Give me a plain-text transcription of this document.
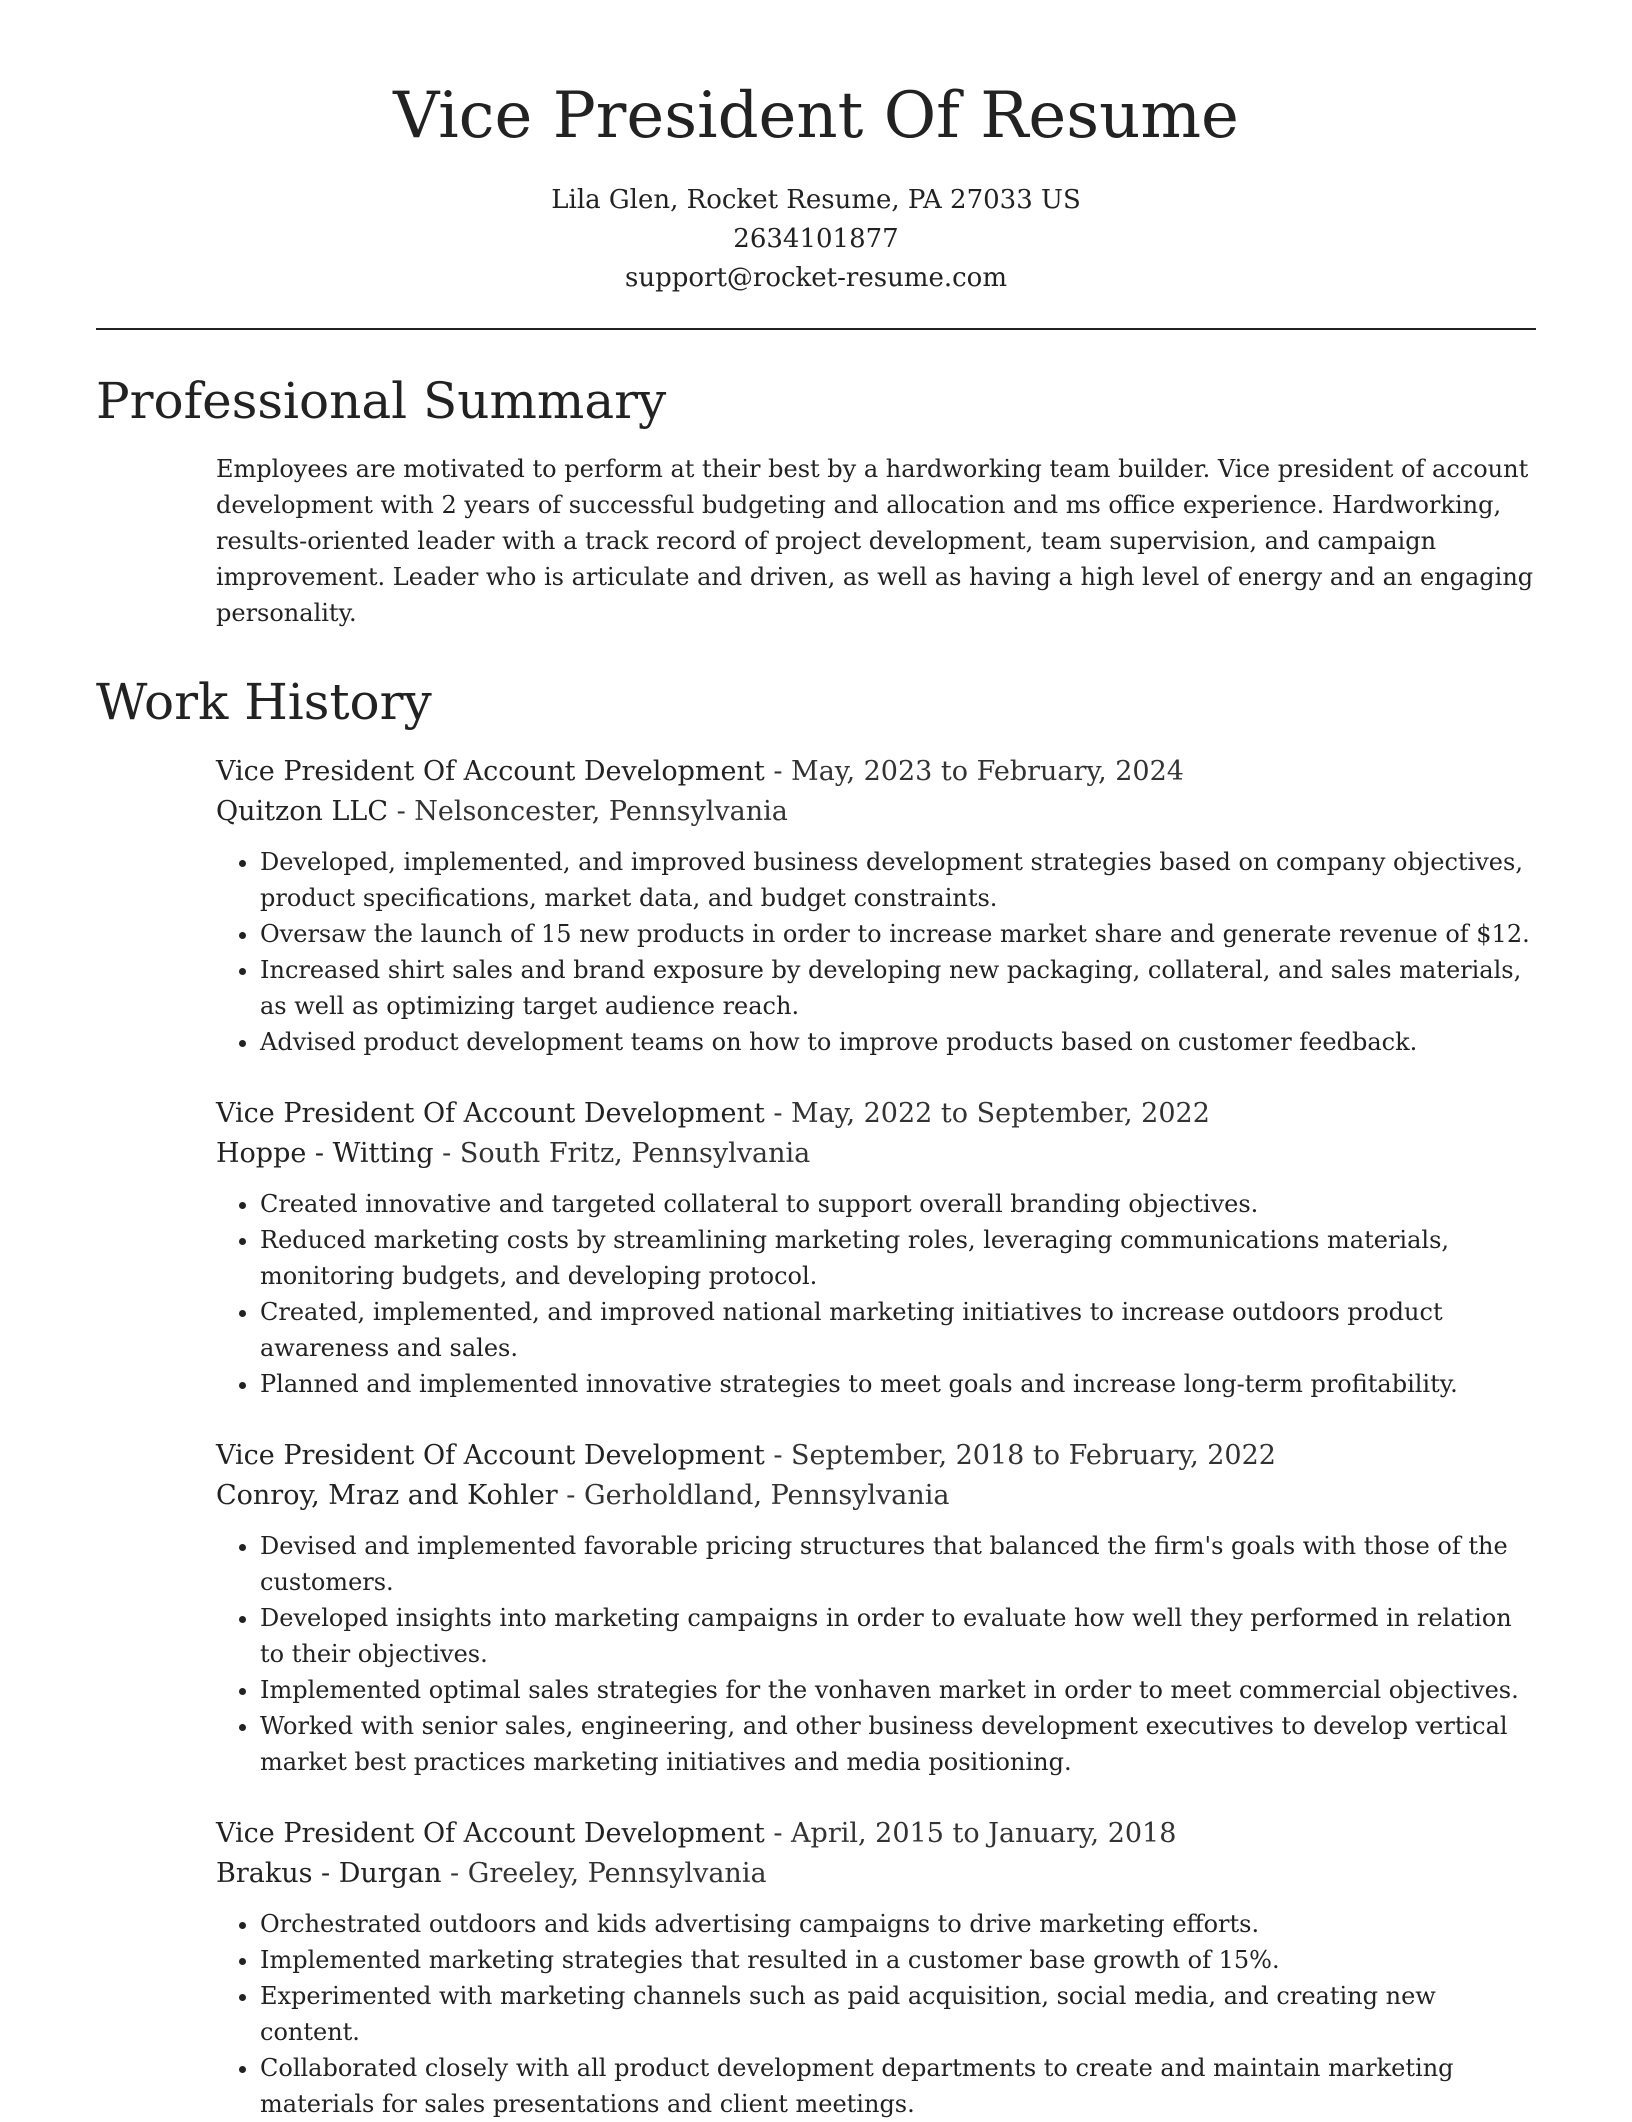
Vice President Of Resume
Lila Glen, Rocket Resume, PA 27033 US
2634101877
support@rocket-resume.com
Professional Summary

Employees are motivated to perform at their best by a hardworking team builder. Vice president of account development with 2 years of successful budgeting and allocation and ms office experience. Hardworking, results-oriented leader with a track record of project development, team supervision, and campaign improvement. Leader who is articulate and driven, as well as having a high level of energy and an engaging personality.

Work History
Vice President Of Account Development - May, 2023 to February, 2024
Quitzon LLC - Nelsoncester, Pennsylvania
• Developed, implemented, and improved business development strategies based on company objectives, product specifications, market data, and budget constraints.
• Oversaw the launch of 15 new products in order to increase market share and generate revenue of $12.
• Increased shirt sales and brand exposure by developing new packaging, collateral, and sales materials, as well as optimizing target audience reach.
• Advised product development teams on how to improve products based on customer feedback.
Vice President Of Account Development - May, 2022 to September, 2022
Hoppe - Witting - South Fritz, Pennsylvania
• Created innovative and targeted collateral to support overall branding objectives.
• Reduced marketing costs by streamlining marketing roles, leveraging communications materials, monitoring budgets, and developing protocol.
• Created, implemented, and improved national marketing initiatives to increase outdoors product awareness and sales.
• Planned and implemented innovative strategies to meet goals and increase long-term profitability.
Vice President Of Account Development - September, 2018 to February, 2022
Conroy, Mraz and Kohler - Gerholdland, Pennsylvania
• Devised and implemented favorable pricing structures that balanced the firm's goals with those of the customers.
• Developed insights into marketing campaigns in order to evaluate how well they performed in relation to their objectives.
• Implemented optimal sales strategies for the vonhaven market in order to meet commercial objectives.
• Worked with senior sales, engineering, and other business development executives to develop vertical market best practices marketing initiatives and media positioning.
Vice President Of Account Development - April, 2015 to January, 2018
Brakus - Durgan - Greeley, Pennsylvania
• Orchestrated outdoors and kids advertising campaigns to drive marketing efforts.
• Implemented marketing strategies that resulted in a customer base growth of 15%.
• Experimented with marketing channels such as paid acquisition, social media, and creating new content.
• Collaborated closely with all product development departments to create and maintain marketing materials for sales presentations and client meetings.
